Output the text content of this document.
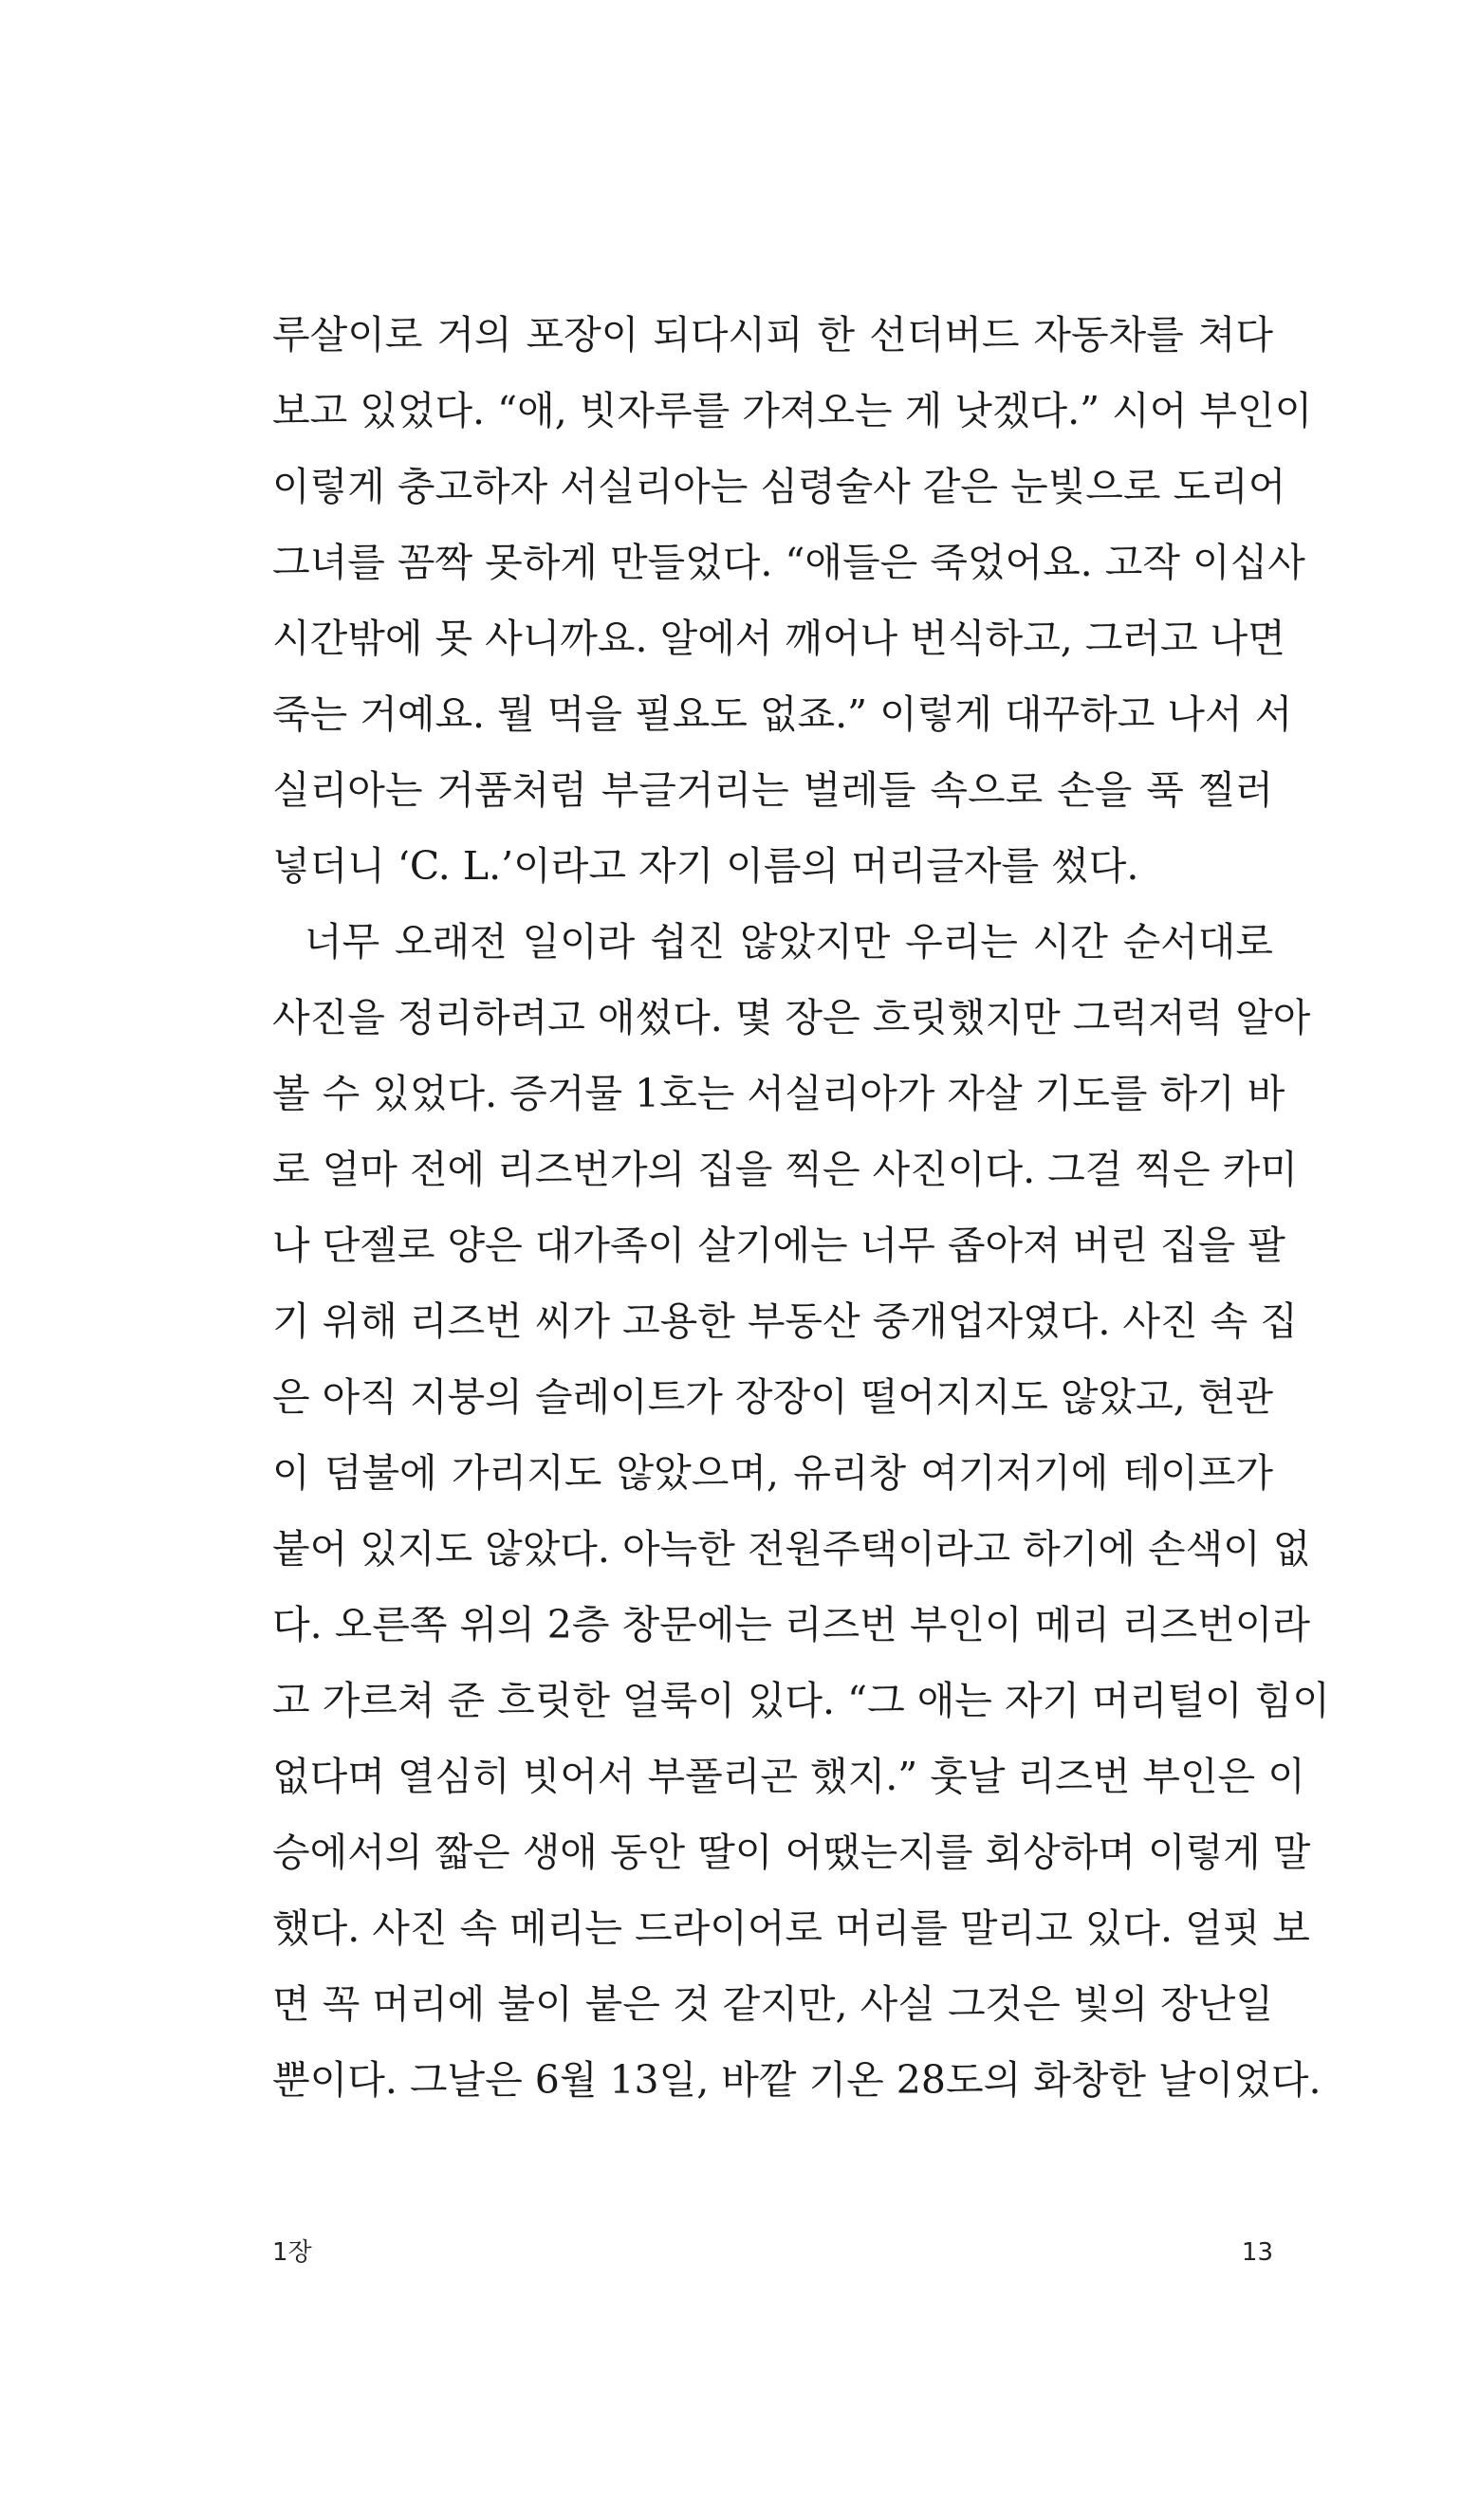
루살이로 거의 포장이 되다시피 한 선더버드 자동차를 쳐다
보고 있었다. “애, 빗자루를 가져오는 게 낫겠다.” 시어 부인이
이렇게 충고하자 서실리아는 심령술사 같은 눈빛으로 도리어
그녀를 꼼짝 못하게 만들었다. “애들은 죽었어요. 고작 이십사
시간밖에 못 사니까요. 알에서 깨어나 번식하고, 그러고 나면
죽는 거예요. 뭘 먹을 필요도 없죠.” 이렇게 대꾸하고 나서 서
실리아는 거품처럼 부글거리는 벌레들 속으로 손을 푹 찔러
넣더니 ‘C. L.’이라고 자기 이름의 머리글자를 썼다.
너무 오래전 일이라 쉽진 않았지만 우리는 시간 순서대로
사진을 정리하려고 애썼다. 몇 장은 흐릿했지만 그럭저럭 알아
볼 수 있었다. 증거물 1호는 서실리아가 자살 기도를 하기 바
로 얼마 전에 리즈번가의 집을 찍은 사진이다. 그걸 찍은 카미
나 단젤로 양은 대가족이 살기에는 너무 좁아져 버린 집을 팔
기 위해 리즈번 씨가 고용한 부동산 중개업자였다. 사진 속 집
은 아직 지붕의 슬레이트가 장장이 떨어지지도 않았고, 현관
이 덤불에 가리지도 않았으며, 유리창 여기저기에 테이프가
붙어 있지도 않았다. 아늑한 전원주택이라고 하기에 손색이 없
다. 오른쪽 위의 2층 창문에는 리즈번 부인이 메리 리즈번이라
고 가르쳐 준 흐릿한 얼룩이 있다. “그 애는 자기 머리털이 힘이
없다며 열심히 빗어서 부풀리곤 했지.” 훗날 리즈번 부인은 이
승에서의 짧은 생애 동안 딸이 어땠는지를 회상하며 이렇게 말
했다. 사진 속 메리는 드라이어로 머리를 말리고 있다. 얼핏 보
면 꼭 머리에 불이 붙은 것 같지만, 사실 그것은 빛의 장난일
뿐이다. 그날은 6월 13일, 바깥 기온 28도의 화창한 날이었다.
1장	13
